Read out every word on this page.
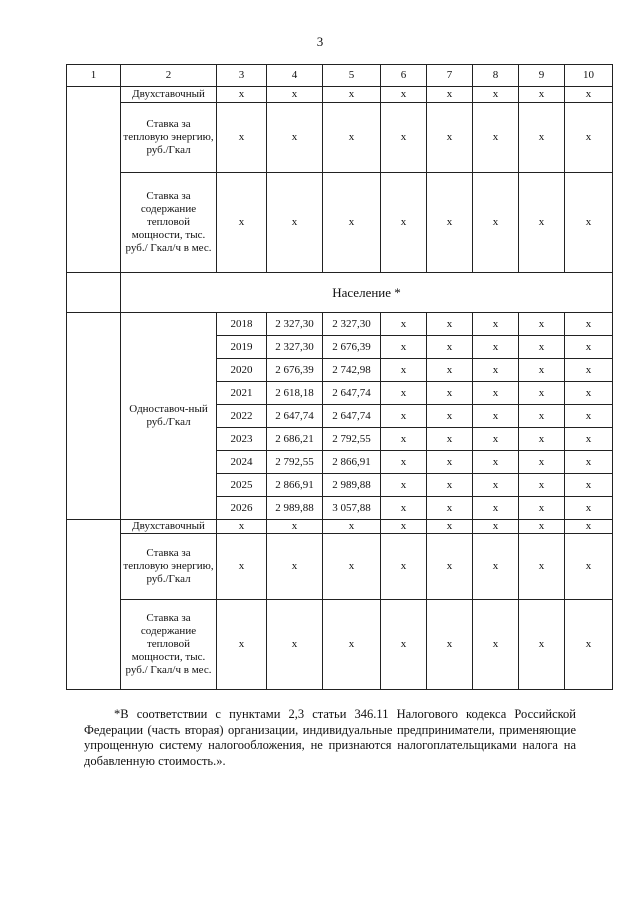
3
1	2	3	4	5	6	7	8	9	10
	Двухставочный	x	x	x	x	x	x	x	x
	Ставка за тепловую энергию, руб./Гкал	x	x	x	x	x	x	x	x
	Ставка за содержание тепловой мощности, тыс. руб./ Гкал/ч в мес.	x	x	x	x	x	x	x	x
	Население *								
	Одноставоч-ный руб./Гкал	2018	2 327,30	2 327,30	x	x	x	x	x
		2019	2 327,30	2 676,39	x	x	x	x	x
		2020	2 676,39	2 742,98	x	x	x	x	x
		2021	2 618,18	2 647,74	x	x	x	x	x
		2022	2 647,74	2 647,74	x	x	x	x	x
		2023	2 686,21	2 792,55	x	x	x	x	x
		2024	2 792,55	2 866,91	x	x	x	x	x
		2025	2 866,91	2 989,88	x	x	x	x	x
		2026	2 989,88	3 057,88	x	x	x	x	x
	Двухставочный	x	x	x	x	x	x	x	x
	Ставка за тепловую энергию, руб./Гкал	x	x	x	x	x	x	x	x
	Ставка за содержание тепловой мощности, тыс. руб./ Гкал/ч в мес.	x	x	x	x	x	x	x	x

*В соответствии с пунктами 2,3 статьи 346.11 Налогового кодекса Российской Федерации (часть вторая) организации, индивидуальные предприниматели, применяющие упрощенную систему налогообложения, не признаются налогоплательщиками налога на добавленную стоимость.».
